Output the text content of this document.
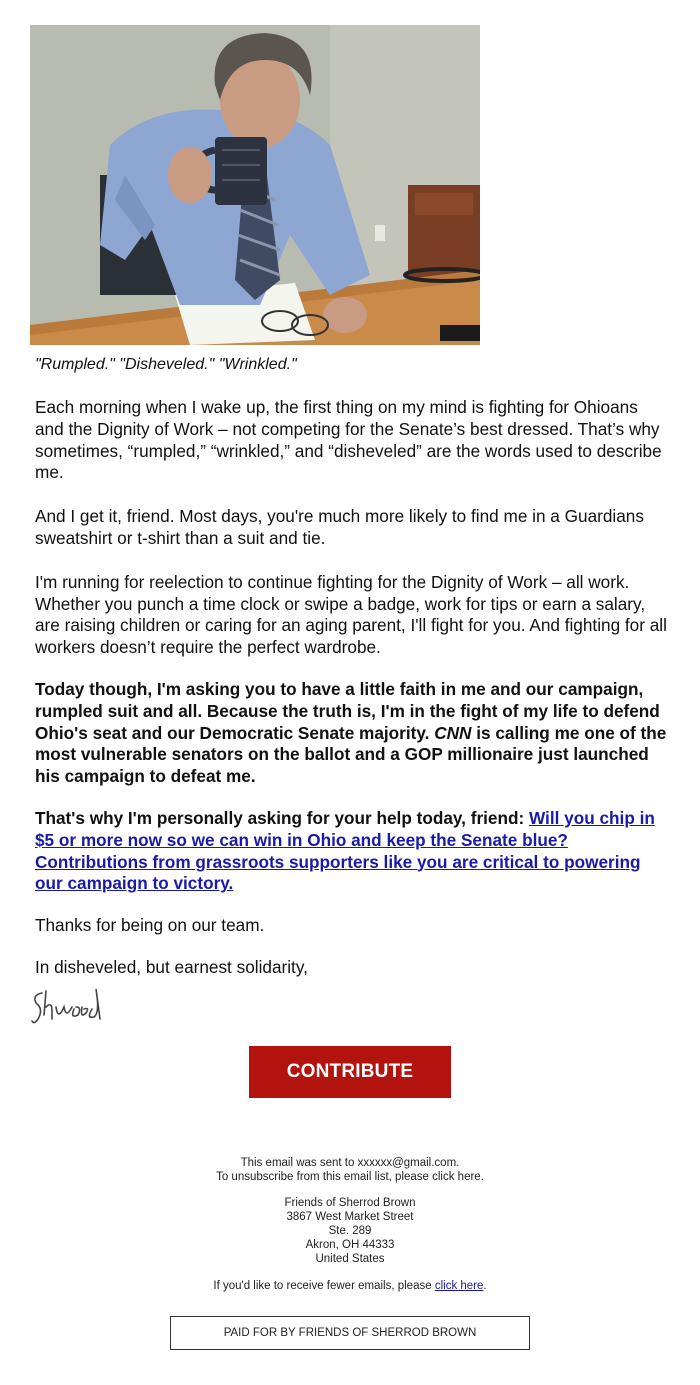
"Rumpled." "Disheveled." "Wrinkled."

Each morning when I wake up, the first thing on my mind is fighting for Ohioans and the Dignity of Work – not competing for the Senate’s best dressed. That’s why sometimes, “rumpled,” “wrinkled,” and “disheveled” are the words used to describe me.

And I get it, friend. Most days, you're much more likely to find me in a Guardians sweatshirt or t-shirt than a suit and tie.

I'm running for reelection to continue fighting for the Dignity of Work – all work. Whether you punch a time clock or swipe a badge, work for tips or earn a salary, are raising children or caring for an aging parent, I'll fight for you. And fighting for all workers doesn’t require the perfect wardrobe.

Today though, I'm asking you to have a little faith in me and our campaign, rumpled suit and all. Because the truth is, I'm in the fight of my life to defend Ohio's seat and our Democratic Senate majority. CNN is calling me one of the most vulnerable senators on the ballot and a GOP millionaire just launched his campaign to defeat me.

That's why I'm personally asking for your help today, friend: Will you chip in $5 or more now so we can win in Ohio and keep the Senate blue? Contributions from grassroots supporters like you are critical to powering our campaign to victory.

Thanks for being on our team.

In disheveled, but earnest solidarity,

CONTRIBUTE
This email was sent to xxxxxx@gmail.com.
To unsubscribe from this email list, please click here.
Friends of Sherrod Brown
3867 West Market Street
Ste. 289
Akron, OH 44333
United States
If you'd like to receive fewer emails, please click here.
PAID FOR BY FRIENDS OF SHERROD BROWN
